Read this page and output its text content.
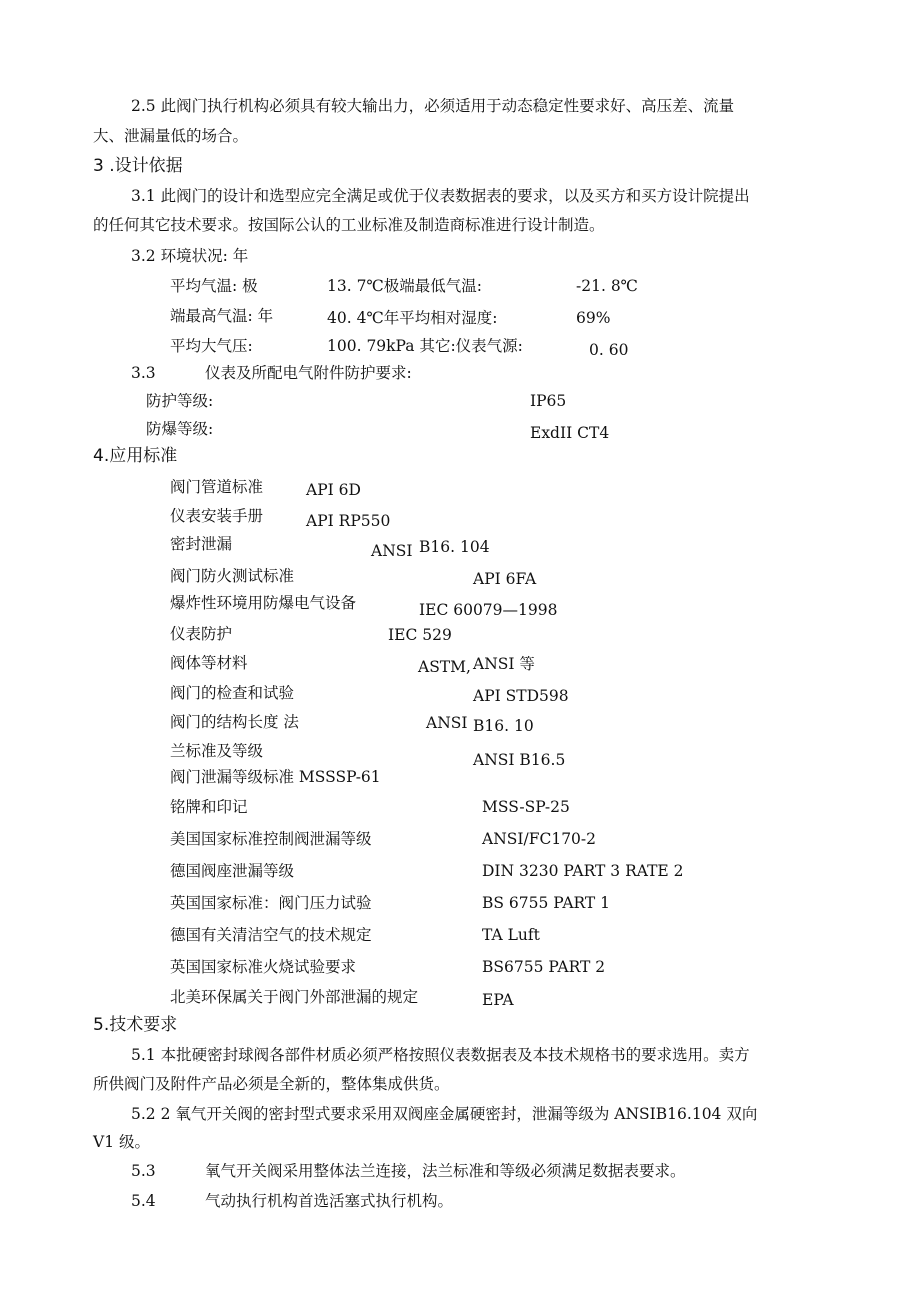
2.5 此阀门执行机构必须具有较大输出力，必须适用于动态稳定性要求好、高压差、流量
大、泄漏量低的场合。
3 .设计依据
3.1 此阀门的设计和选型应完全满足或优于仪表数据表的要求，以及买方和买方设计院提出
的任何其它技术要求。按国际公认的工业标准及制造商标准进行设计制造。
3.2 环境状况: 年
平均气温: 极	13. 7℃极端最低气温:	-21. 8℃
端最高气温: 年	40. 4℃年平均相对湿度:	69%
平均大气压:	100. 79kPa 其它:仪表气源:	0. 60
3.3	仪表及所配电气附件防护要求:
防护等级:	IP65
防爆等级:	ExdII CT4
4.应用标准
阀门管道标准	API 6D
仪表安装手册	API RP550
密封泄漏	ANSI B16. 104
阀门防火测试标准	API 6FA
爆炸性环境用防爆电气设备	IEC 60079—1998
仪表防护	IEC 529
阀体等材料	ASTM, ANSI 等
阀门的检查和试验	API STD598
阀门的结构长度 法	ANSI B16. 10
兰标准及等级	ANSI B16.5
阀门泄漏等级标准 MSSSP-61
铭牌和印记	MSS-SP-25
美国国家标准控制阀泄漏等级	ANSI/FC170-2
德国阀座泄漏等级	DIN 3230 PART 3 RATE 2
英国国家标准：阀门压力试验	BS 6755 PART 1
德国有关清洁空气的技术规定	TA Luft
英国国家标准火烧试验要求	BS6755 PART 2
北美环保属关于阀门外部泄漏的规定	EPA
5.技术要求
5.1 本批硬密封球阀各部件材质必须严格按照仪表数据表及本技术规格书的要求选用。卖方
所供阀门及附件产品必须是全新的，整体集成供货。
5.2 2 氧气开关阀的密封型式要求采用双阀座金属硬密封，泄漏等级为 ANSIB16.104 双向
V1 级。
5.3	氧气开关阀采用整体法兰连接，法兰标准和等级必须满足数据表要求。
5.4	气动执行机构首选活塞式执行机构。
